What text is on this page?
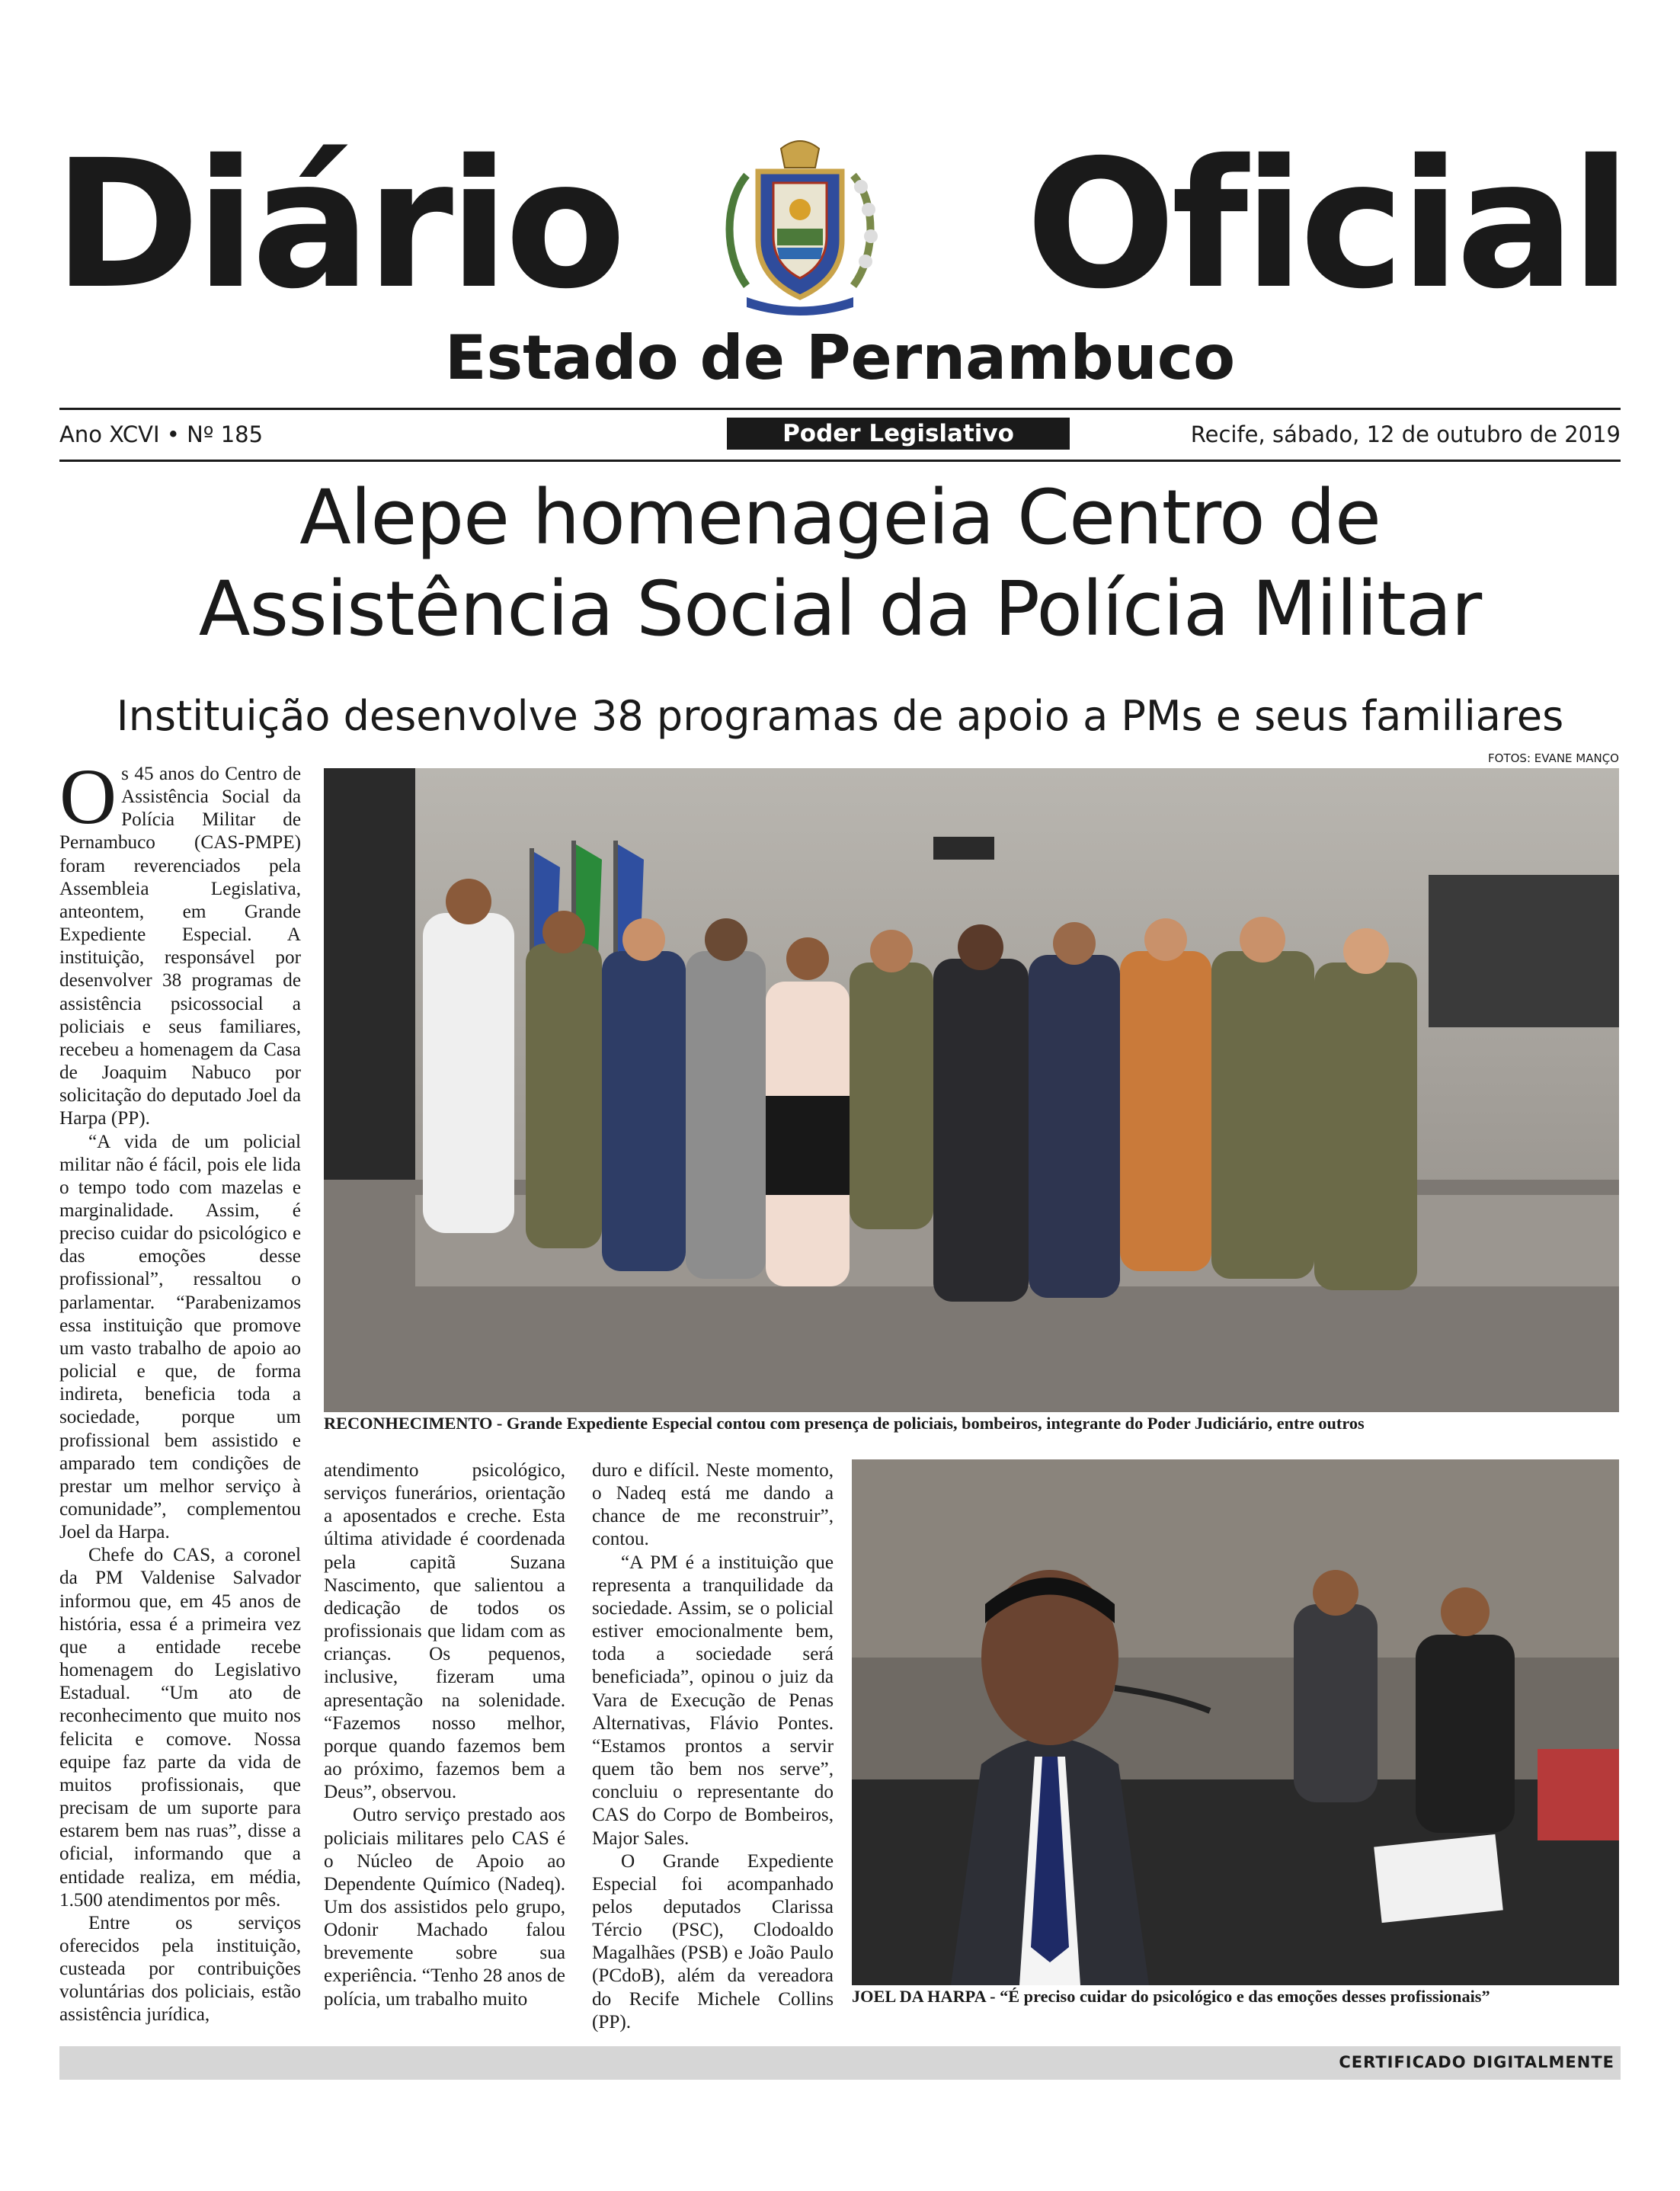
Diário Oficial
Estado de Pernambuco
Ano XCVI • Nº 185	Poder Legislativo	Recife, sábado, 12 de outubro de 2019
Alepe homenageia Centro de
Assistência Social da Polícia Militar
Instituição desenvolve 38 programas de apoio a PMs e seus familiares
FOTOS: EVANE MANÇO

Os 45 anos do Centro de Assistência Social da Polícia Militar de Pernambuco (CAS-PMPE) foram reverenciados pela Assembleia Legislativa, anteontem, em Grande Expediente Especial. A instituição, responsável por desenvolver 38 programas de assistência psicossocial a policiais e seus familiares, recebeu a homenagem da Casa de Joaquim Nabuco por solicitação do deputado Joel da Harpa (PP).

“A vida de um policial militar não é fácil, pois ele lida o tempo todo com mazelas e marginalidade. Assim, é preciso cuidar do psicológico e das emoções desse profissional”, ressaltou o parlamentar. “Parabenizamos essa instituição que promove um vasto trabalho de apoio ao policial e que, de forma indireta, beneficia toda a sociedade, porque um profissional bem assistido e amparado tem condições de prestar um melhor serviço à comunidade”, complementou Joel da Harpa.

Chefe do CAS, a coronel da PM Valdenise Salvador informou que, em 45 anos de história, essa é a primeira vez que a entidade recebe homenagem do Legislativo Estadual. “Um ato de reconhecimento que muito nos felicita e comove. Nossa equipe faz parte da vida de muitos profissionais, que precisam de um suporte para estarem bem nas ruas”, disse a oficial, informando que a entidade realiza, em média, 1.500 atendimentos por mês.

Entre os serviços oferecidos pela instituição, custeada por contribuições voluntárias dos policiais, estão assistência jurídica,

RECONHECIMENTO - Grande Expediente Especial contou com presença de policiais, bombeiros, integrante do Poder Judiciário, entre outros

atendimento psicológico, serviços funerários, orientação a aposentados e creche. Esta última atividade é coordenada pela capitã Suzana Nascimento, que salientou a dedicação de todos os profissionais que lidam com as crianças. Os pequenos, inclusive, fizeram uma apresentação na solenidade. “Fazemos nosso melhor, porque quando fazemos bem ao próximo, fazemos bem a Deus”, observou.

Outro serviço prestado aos policiais militares pelo CAS é o Núcleo de Apoio ao Dependente Químico (Nadeq). Um dos assistidos pelo grupo, Odonir Machado falou brevemente sobre sua experiência. “Tenho 28 anos de polícia, um trabalho muito

duro e difícil. Neste momento, o Nadeq está me dando a chance de me reconstruir”, contou.

“A PM é a instituição que representa a tranquilidade da sociedade. Assim, se o policial estiver emocionalmente bem, toda a sociedade será beneficiada”, opinou o juiz da Vara de Execução de Penas Alternativas, Flávio Pontes. “Estamos prontos a servir quem tão bem nos serve”, concluiu o representante do CAS do Corpo de Bombeiros, Major Sales.

O Grande Expediente Especial foi acompanhado pelos deputados Clarissa Tércio (PSC), Clodoaldo Magalhães (PSB) e João Paulo (PCdoB), além da vereadora do Recife Michele Collins (PP).

JOEL DA HARPA - “É preciso cuidar do psicológico e das emoções desses profissionais”
CERTIFICADO DIGITALMENTE
